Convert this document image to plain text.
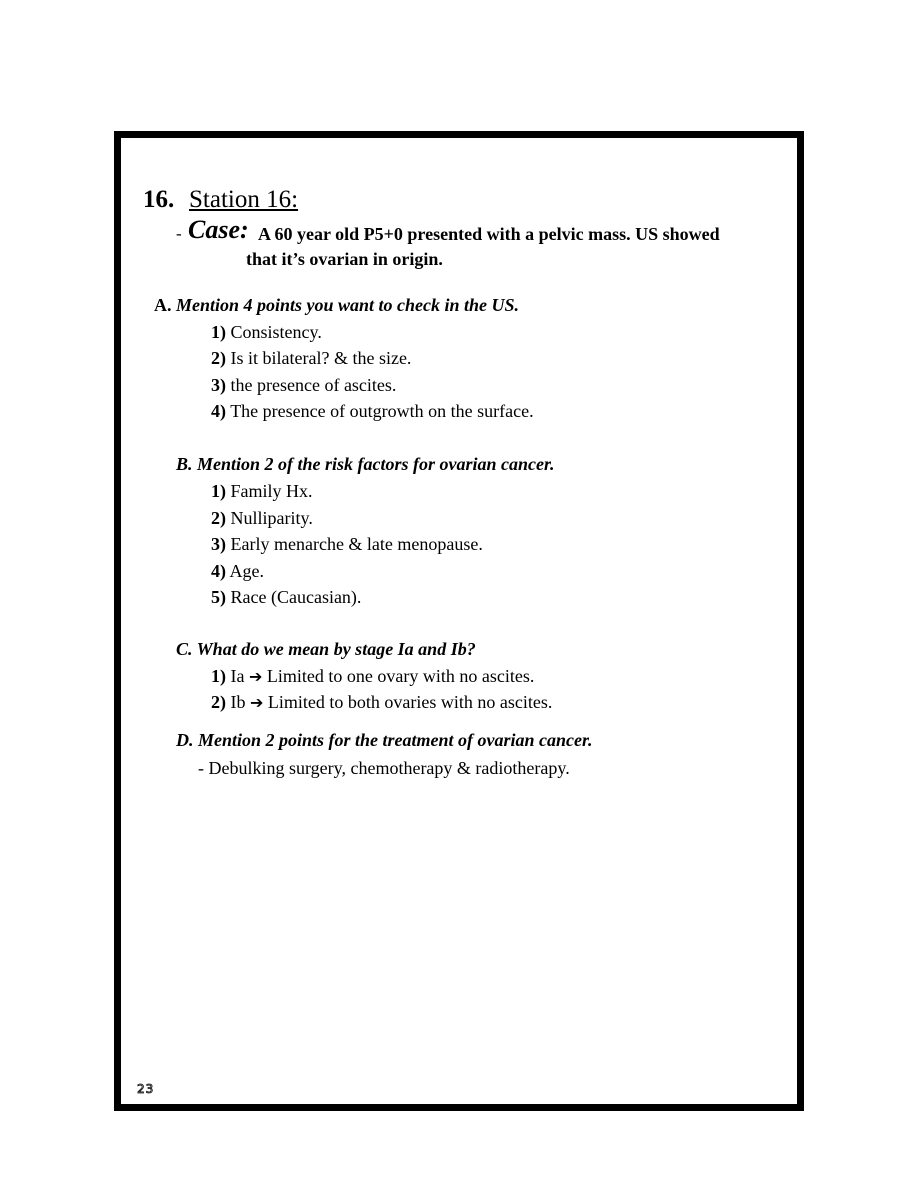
16. Station 16:
- Case: A 60 year old P5+0 presented with a pelvic mass. US showed
that it’s ovarian in origin.
A. Mention 4 points you want to check in the US.
1) Consistency.
2) Is it bilateral? & the size.
3) the presence of ascites.
4) The presence of outgrowth on the surface.
B. Mention 2 of the risk factors for ovarian cancer.
1) Family Hx.
2) Nulliparity.
3) Early menarche & late menopause.
4) Age.
5) Race (Caucasian).
C. What do we mean by stage Ia and Ib?
1) Ia ➔ Limited to one ovary with no ascites.
2) Ib ➔ Limited to both ovaries with no ascites.
D. Mention 2 points for the treatment of ovarian cancer.
- Debulking surgery, chemotherapy & radiotherapy.
23
